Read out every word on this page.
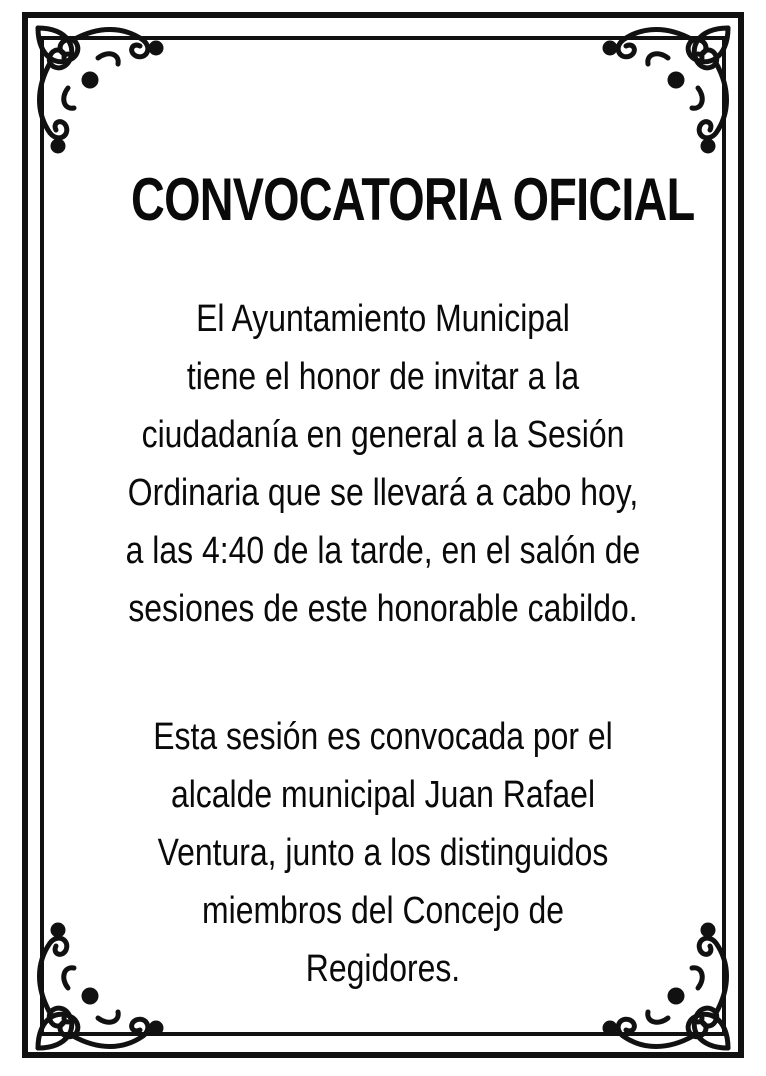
CONVOCATORIA OFICIAL
El Ayuntamiento Municipal
tiene el honor de invitar a la
ciudadanía en general a la Sesión
Ordinaria que se llevará a cabo hoy,
a las 4:40 de la tarde, en el salón de
sesiones de este honorable cabildo.
Esta sesión es convocada por el
alcalde municipal Juan Rafael
Ventura, junto a los distinguidos
miembros del Concejo de
Regidores.
